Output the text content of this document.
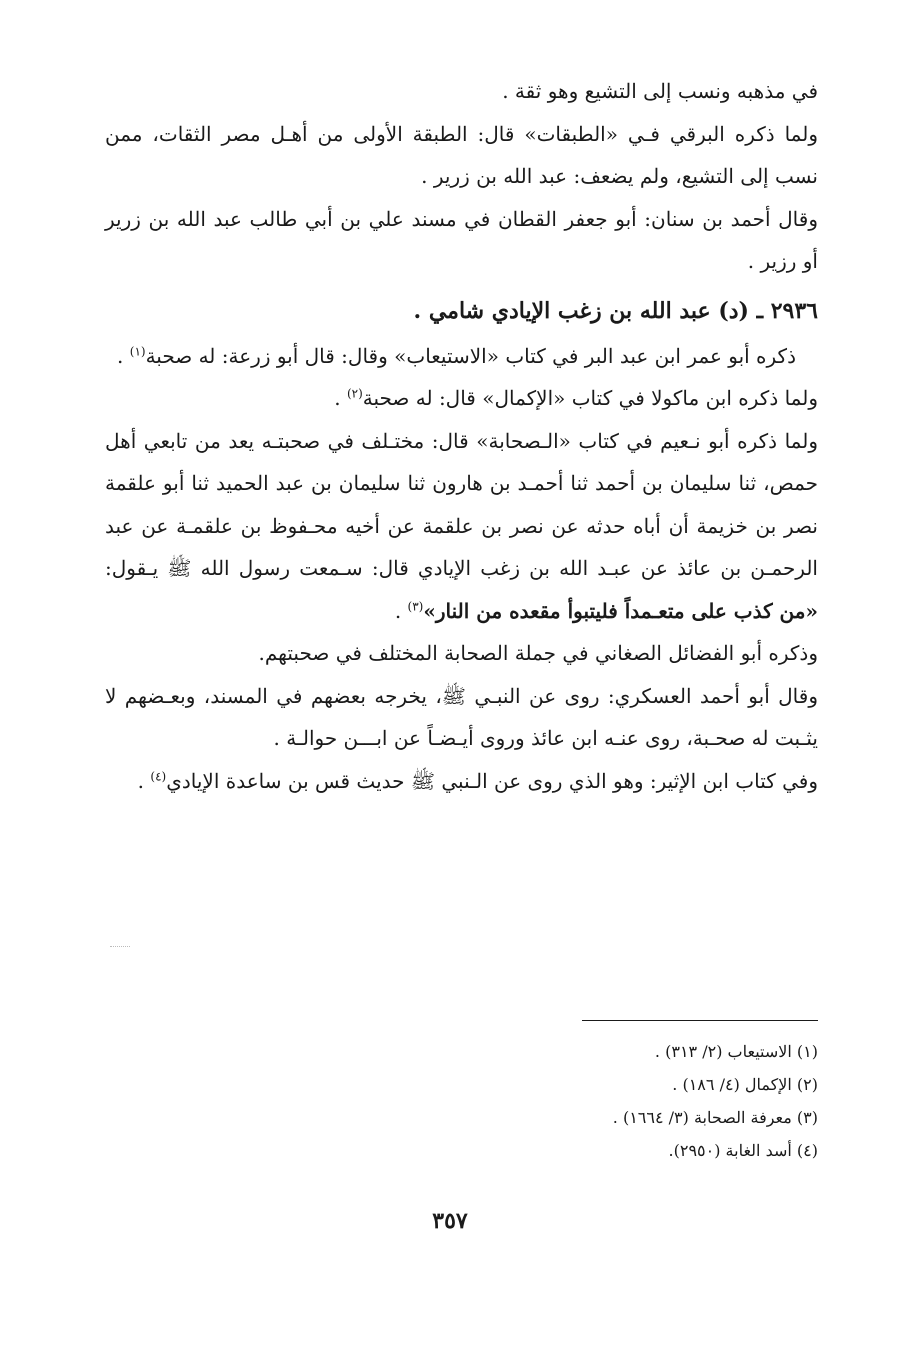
في مذهبه ونسب إلى التشيع وهو ثقة .

ولما ذكره البرقي فـي «الطبقات» قال: الطبقة الأولى من أهـل مصر الثقات، ممن نسب إلى التشيع، ولم يضعف: عبد الله بن زرير .

وقال أحمد بن سنان: أبو جعفر القطان في مسند علي بن أبي طالب عبد الله بن زرير أو رزير .

٢٩٣٦ ـ (د) عبد الله بن زغب الإيادي شامي .

ذكره أبو عمر ابن عبد البر في كتاب «الاستيعاب» وقال: قال أبو زرعة: له صحبة$^{(١)}$ .

ولما ذكره ابن ماكولا في كتاب «الإكمال» قال: له صحبة$^{(٢)}$ .

ولما ذكره أبو نـعيم في كتاب «الـصحابة» قال: مختـلف في صحبتـه يعد من تابعي أهل حمص، ثنا سليمان بن أحمد ثنا أحمـد بن هارون ثنا سليمان بن عبد الحميد ثنا أبو علقمة نصر بن خزيمة أن أباه حدثه عن نصر بن علقمة عن أخيه محـفوظ بن علقمـة عن عبد الرحمـن بن عائذ عن عبـد الله بن زغب الإيادي قال: سـمعت رسول الله ﷺ يـقول: «من كذب على متعـمداً فليتبوأ مقعده من النار»$^{(٣)}$ .

وذكره أبو الفضائل الصغاني في جملة الصحابة المختلف في صحبتهم.

وقال أبو أحمد العسكري: روى عن النبـي ﷺ، يخرجه بعضهم في المسند، وبعـضهم لا يثـبت له صحـبة، روى عنـه ابن عائذ وروى أيـضـاً عن ابـــن حوالـة .

وفي كتاب ابن الإثير: وهو الذي روى عن الـنبي ﷺ حديث قس بن ساعدة الإيادي$^{(٤)}$ .

(١) الاستيعاب (٢/ ٣١٣) .

(٢) الإكمال (٤/ ١٨٦) .

(٣) معرفة الصحابة (٣/ ١٦٦٤) .

(٤) أسد الغابة (٢٩٥٠).

٣٥٧
